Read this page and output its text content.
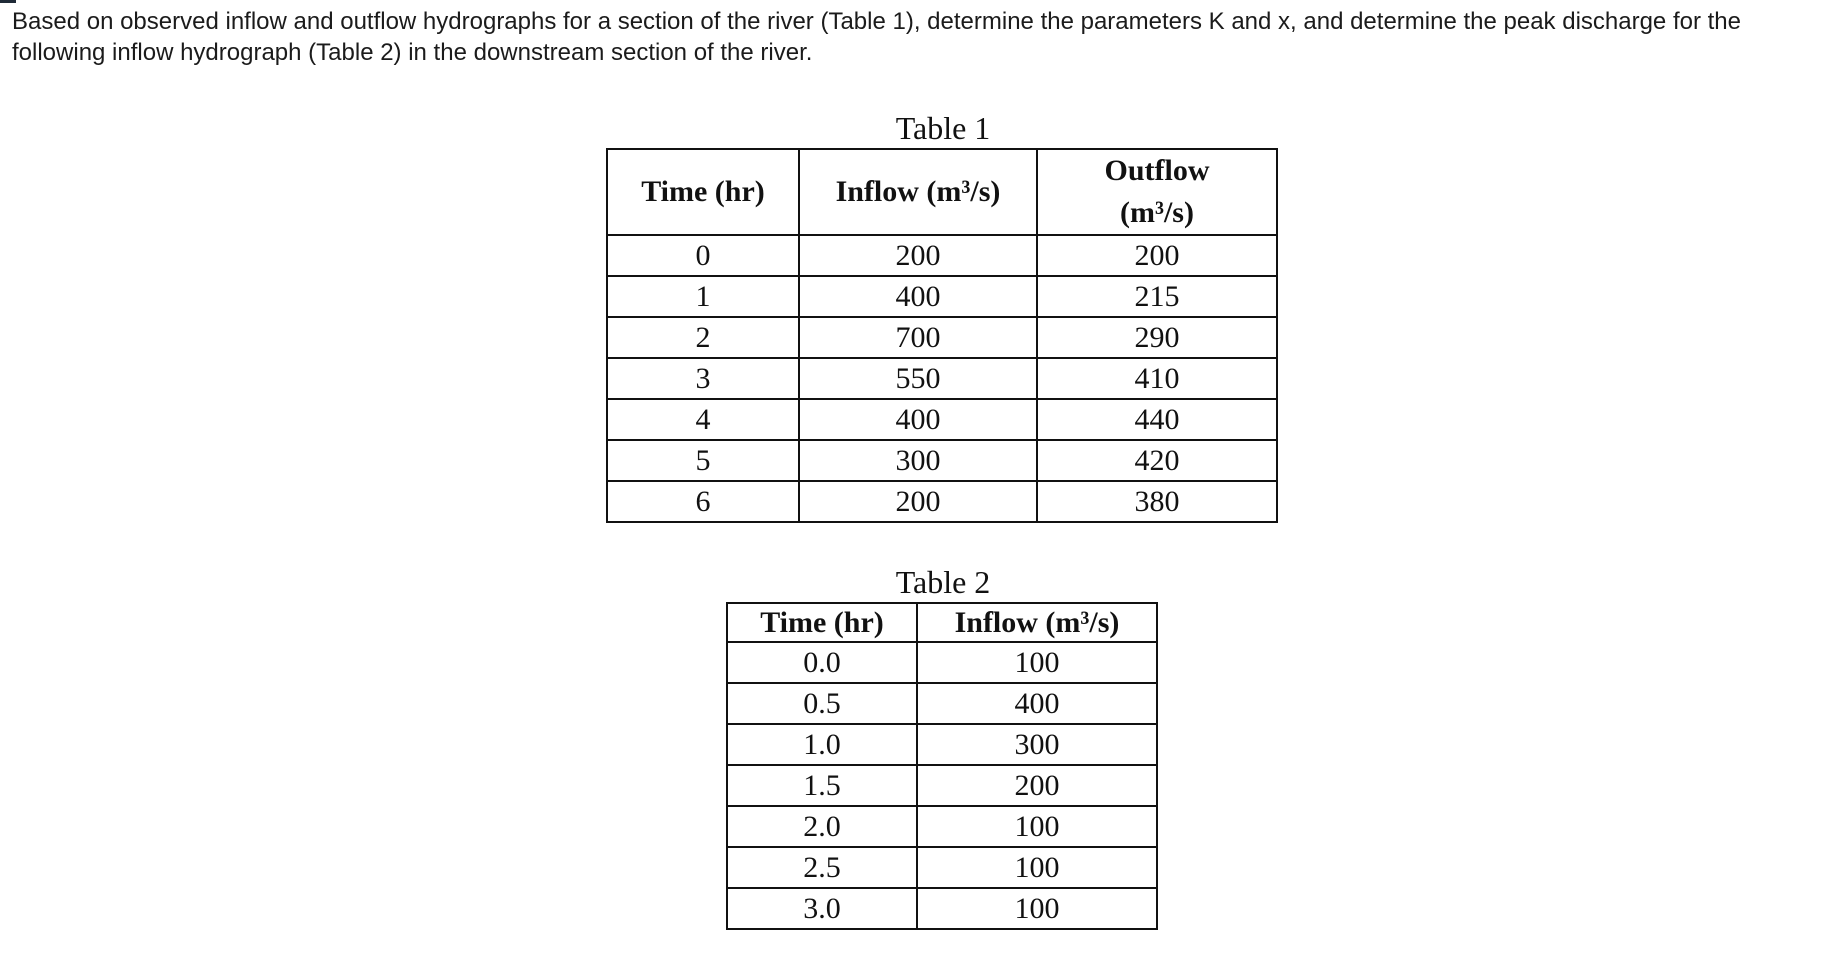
Based on observed inflow and outflow hydrographs for a section of the river (Table 1), determine the parameters K and x, and determine the peak discharge for the following inflow hydrograph (Table 2) in the downstream section of the river.

Table 1
Time (hr)	Inflow (m³/s)	Outflow
(m³/s)

0	200	200
1	400	215
2	700	290
3	550	410
4	400	440
5	300	420
6	200	380
Table 2
Time (hr)	Inflow (m³/s)
0.0	100
0.5	400
1.0	300
1.5	200
2.0	100
2.5	100
3.0	100
